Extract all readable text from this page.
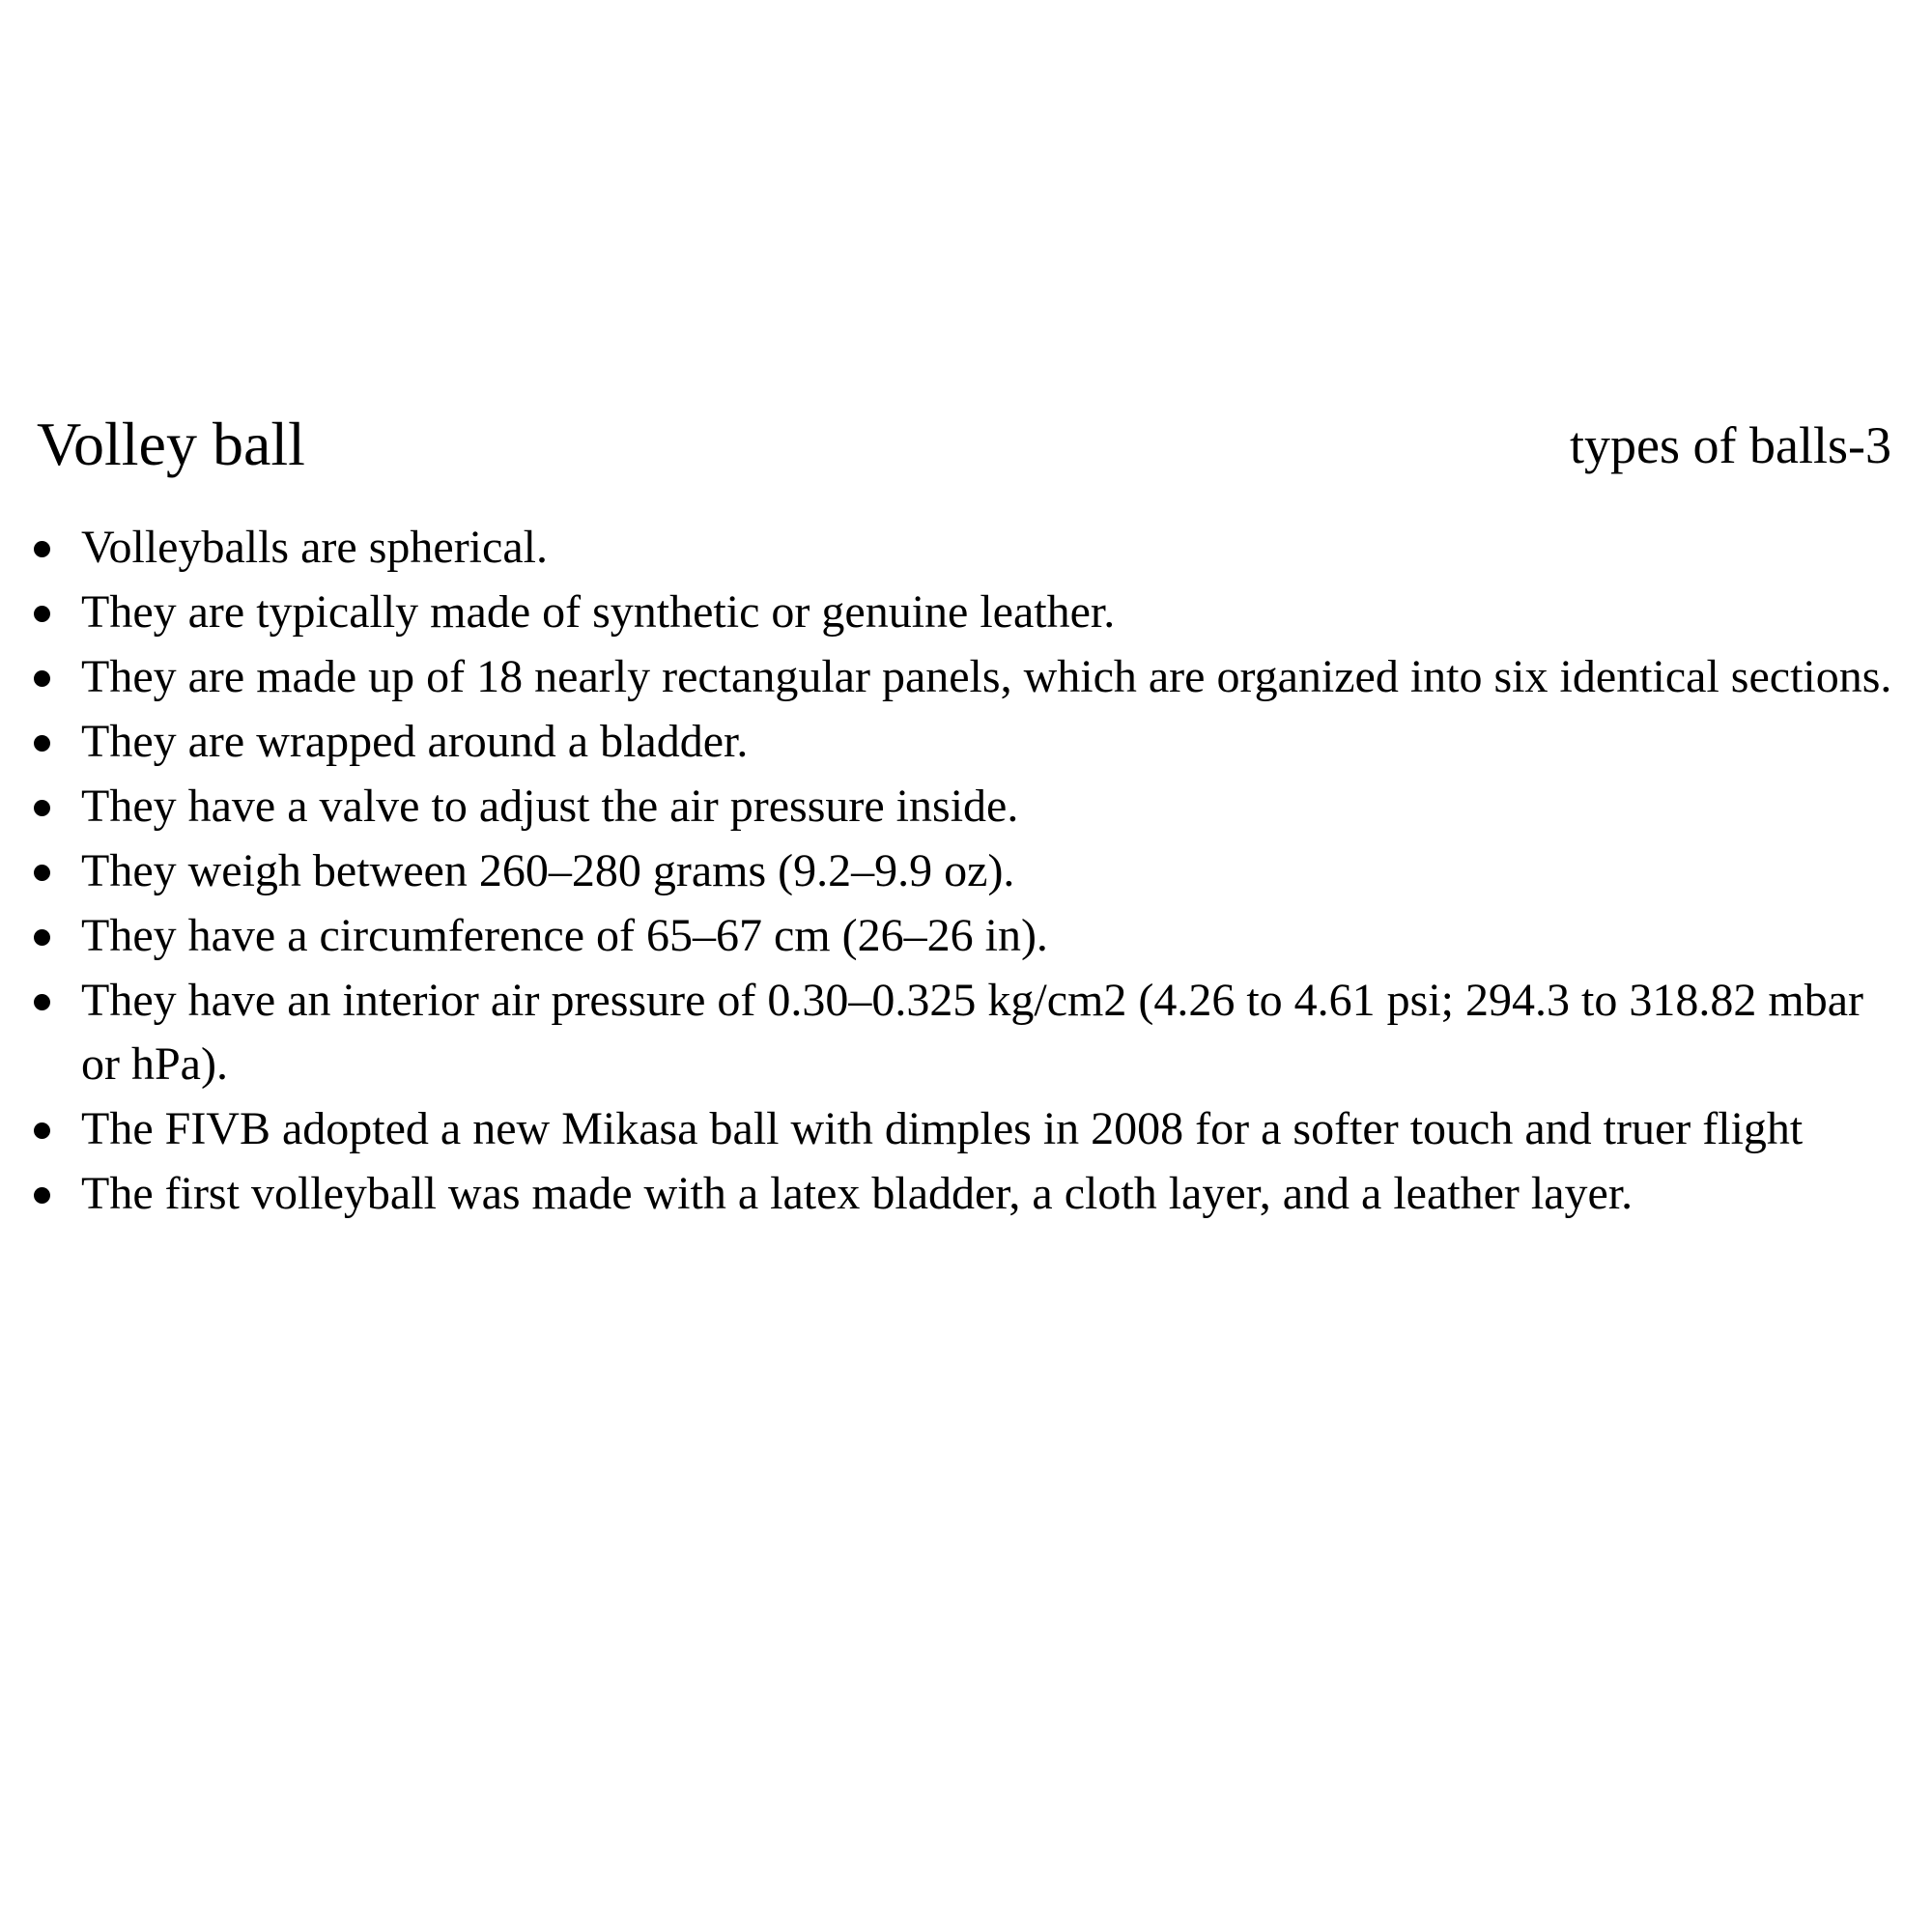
Volley ball	types of balls-3
Volleyballs are spherical.
They are typically made of synthetic or genuine leather.
They are made up of 18 nearly rectangular panels, which are organized into six identical sections.
They are wrapped around a bladder.
They have a valve to adjust the air pressure inside.
They weigh between 260–280 grams (9.2–9.9 oz).
They have a circumference of 65–67 cm (26–26 in).
They have an interior air pressure of 0.30–0.325 kg/cm2 (4.26 to 4.61 psi; 294.3 to 318.82 mbar or hPa).
The FIVB adopted a new Mikasa ball with dimples in 2008 for a softer touch and truer flight
The first volleyball was made with a latex bladder, a cloth layer, and a leather layer.
